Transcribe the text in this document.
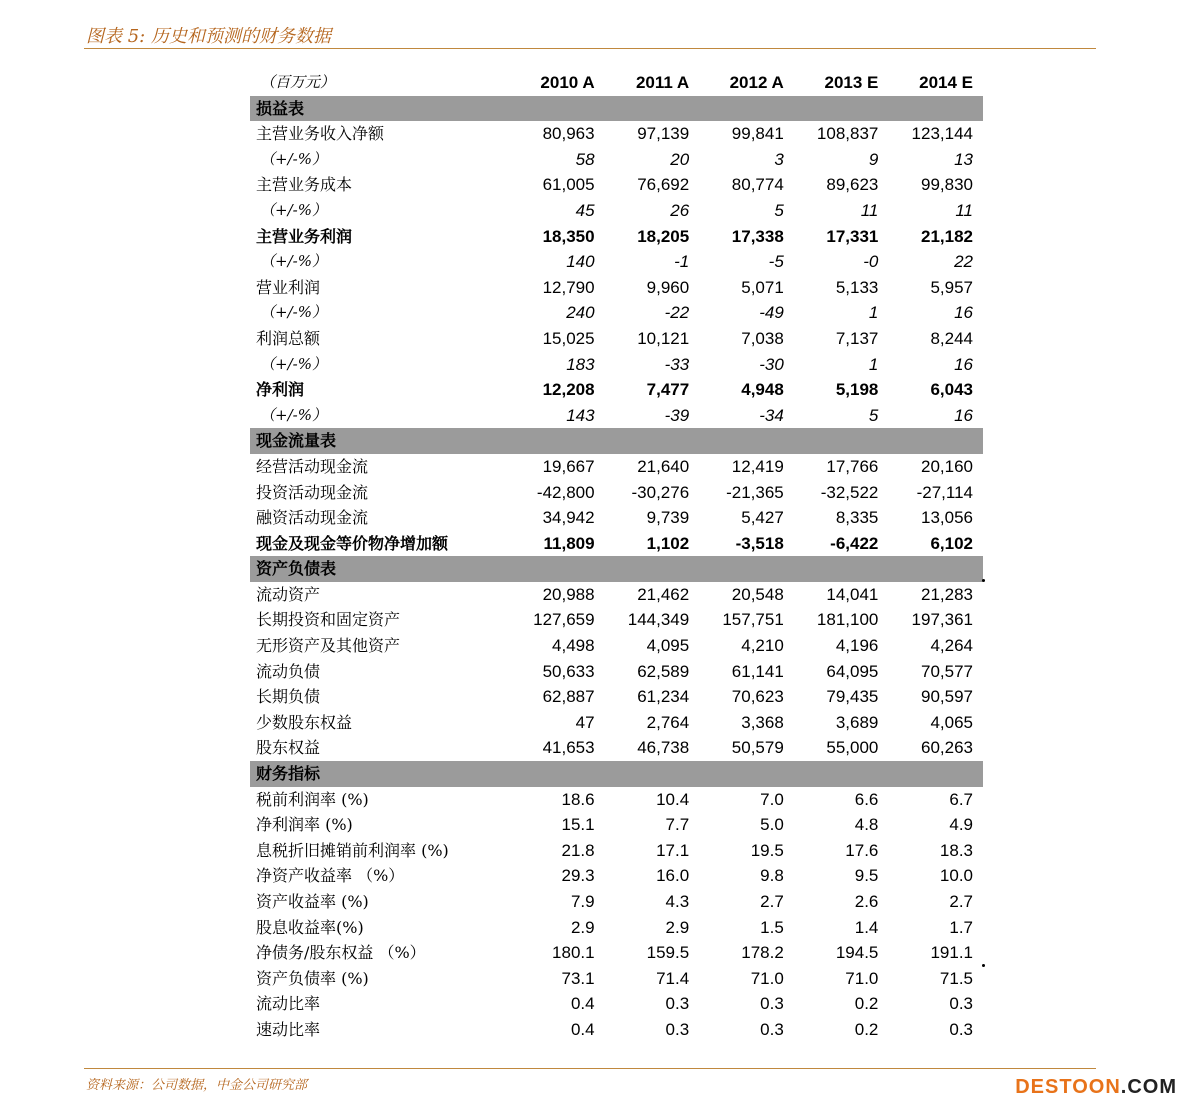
图表 5: 历史和预测的财务数据
（百万元）	2010 A	2011 A	2012 A	2013 E	2014 E
损益表					
主营业务收入净额	80,963	97,139	99,841	108,837	123,144
（+/-%）	58	20	3	9	13
主营业务成本	61,005	76,692	80,774	89,623	99,830
（+/-%）	45	26	5	11	11
主营业务利润	18,350	18,205	17,338	17,331	21,182
（+/-%）	140	-1	-5	-0	22
营业利润	12,790	9,960	5,071	5,133	5,957
（+/-%）	240	-22	-49	1	16
利润总额	15,025	10,121	7,038	7,137	8,244
（+/-%）	183	-33	-30	1	16
净利润	12,208	7,477	4,948	5,198	6,043
（+/-%）	143	-39	-34	5	16
现金流量表					
经营活动现金流	19,667	21,640	12,419	17,766	20,160
投资活动现金流	-42,800	-30,276	-21,365	-32,522	-27,114
融资活动现金流	34,942	9,739	5,427	8,335	13,056
现金及现金等价物净增加额	11,809	1,102	-3,518	-6,422	6,102
资产负债表					
流动资产	20,988	21,462	20,548	14,041	21,283
长期投资和固定资产	127,659	144,349	157,751	181,100	197,361
无形资产及其他资产	4,498	4,095	4,210	4,196	4,264
流动负债	50,633	62,589	61,141	64,095	70,577
长期负债	62,887	61,234	70,623	79,435	90,597
少数股东权益	47	2,764	3,368	3,689	4,065
股东权益	41,653	46,738	50,579	55,000	60,263
财务指标					
税前利润率 (%)	18.6	10.4	7.0	6.6	6.7
净利润率 (%)	15.1	7.7	5.0	4.8	4.9
息税折旧摊销前利润率 (%)	21.8	17.1	19.5	17.6	18.3
净资产收益率 （%）	29.3	16.0	9.8	9.5	10.0
资产收益率 (%)	7.9	4.3	2.7	2.6	2.7
股息收益率(%)	2.9	2.9	1.5	1.4	1.7
净债务/股东权益 （%）	180.1	159.5	178.2	194.5	191.1
资产负债率 (%)	73.1	71.4	71.0	71.0	71.5
流动比率	0.4	0.3	0.3	0.2	0.3
速动比率	0.4	0.3	0.3	0.2	0.3
资料来源：公司数据，中金公司研究部	DESTOON.COM
